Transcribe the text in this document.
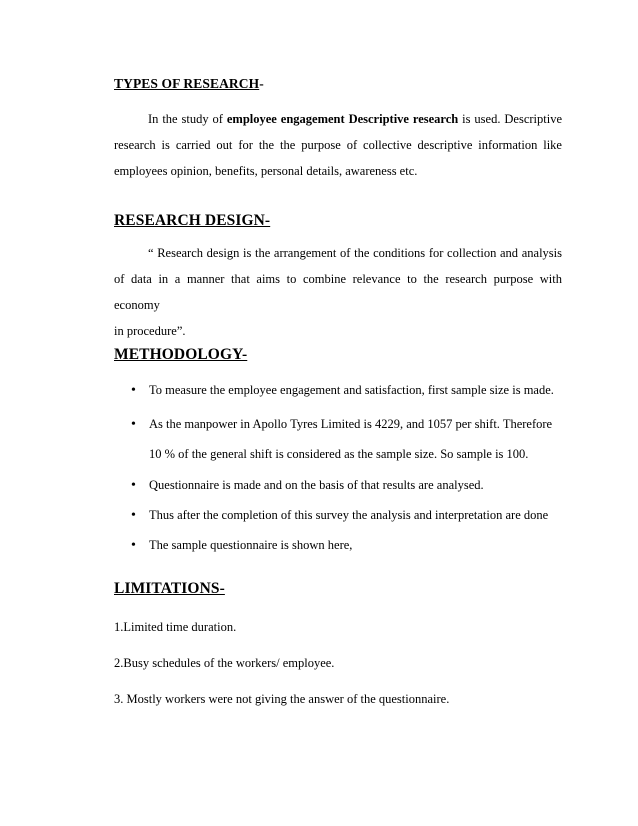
TYPES OF RESEARCH-
In the study of employee engagement Descriptive research is used. Descriptive
research is carried out for the the purpose of collective descriptive information like
employees opinion, benefits, personal details, awareness etc.
RESEARCH DESIGN-
“ Research design is the arrangement of the conditions for collection and analysis
of data in a manner that aims to combine relevance to the research purpose with economy
in procedure”.
METHODOLOGY-
• To measure the employee engagement and satisfaction, first sample size is made.
• As the manpower in Apollo Tyres Limited is 4229, and 1057 per shift. Therefore
10 % of the general shift is considered as the sample size. So sample is 100.
• Questionnaire is made and on the basis of that results are analysed.
• Thus after the completion of this survey the analysis and interpretation are done
• The sample questionnaire is shown here,
LIMITATIONS-
1.Limited time duration.
2.Busy schedules of the workers/ employee.
3. Mostly workers were not giving the answer of the questionnaire.
